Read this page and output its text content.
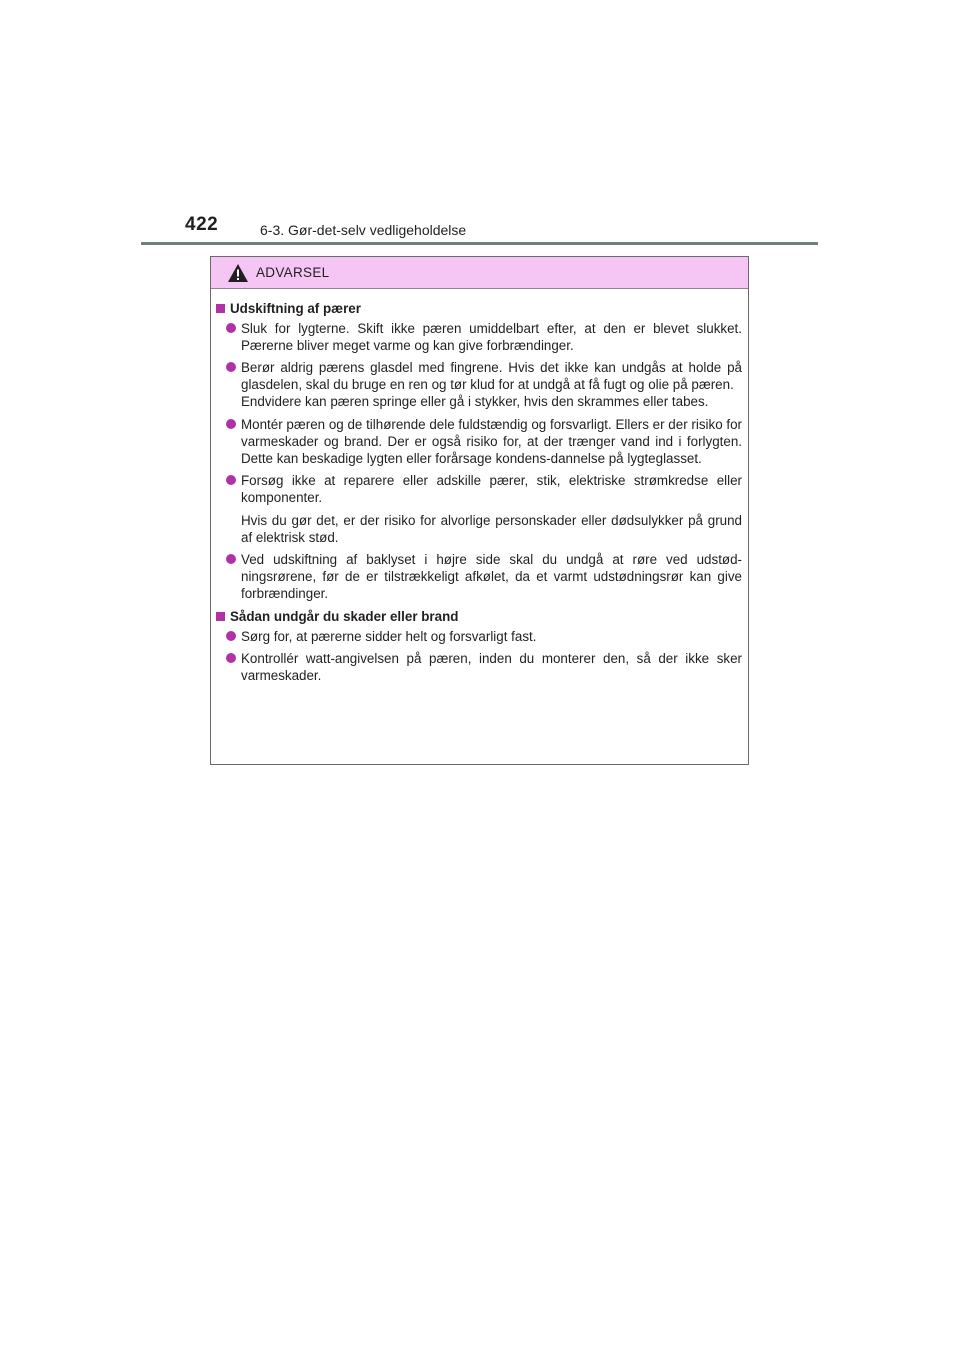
422	6-3. Gør-det-selv vedligeholdelse
ADVARSEL
Udskiftning af pærer
Sluk for lygterne. Skift ikke pæren umiddelbart efter, at den er blevet slukket. Pærerne bliver meget varme og kan give forbrændinger.
Berør aldrig pærens glasdel med fingrene. Hvis det ikke kan undgås at holde på glasdelen, skal du bruge en ren og tør klud for at undgå at få fugt og olie på pæren.
Endvidere kan pæren springe eller gå i stykker, hvis den skrammes eller tabes.
Montér pæren og de tilhørende dele fuldstændig og forsvarligt. Ellers er der risiko for varmeskader og brand. Der er også risiko for, at der trænger vand ind i forlygten. Dette kan beskadige lygten eller forårsage kondens-dannelse på lygteglasset.
Forsøg ikke at reparere eller adskille pærer, stik, elektriske strømkredse eller komponenter.
Hvis du gør det, er der risiko for alvorlige personskader eller dødsulykker på grund af elektrisk stød.
Ved udskiftning af baklyset i højre side skal du undgå at røre ved udstød-ningsrørene, før de er tilstrækkeligt afkølet, da et varmt udstødningsrør kan give forbrændinger.
Sådan undgår du skader eller brand
Sørg for, at pærerne sidder helt og forsvarligt fast.
Kontrollér watt-angivelsen på pæren, inden du monterer den, så der ikke sker varmeskader.
